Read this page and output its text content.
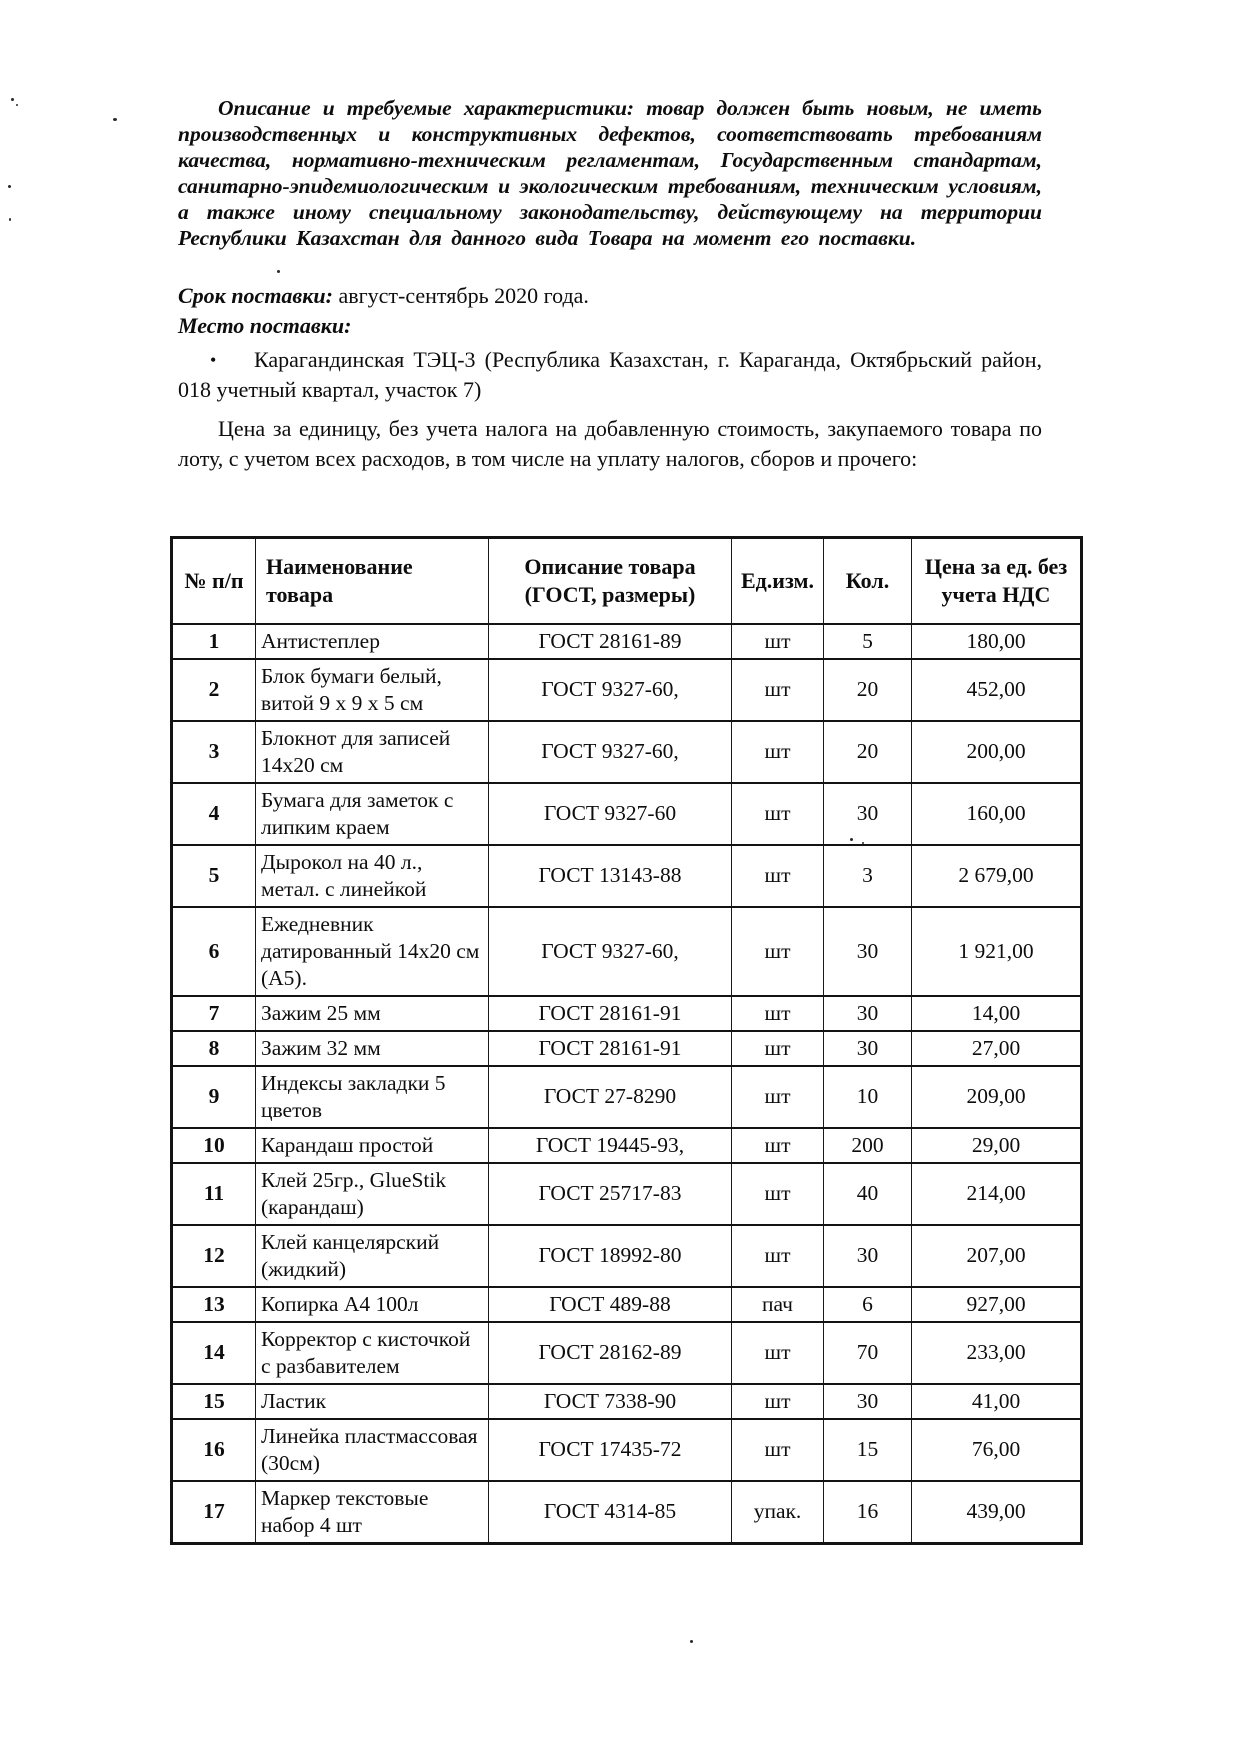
Описание и требуемые характеристики: товар должен быть новым, не иметь производственных и конструктивных дефектов, соответствовать требованиям качества, нормативно-техническим регламентам, Государственным стандартам, санитарно-эпидемиологическим и экологическим требованиям, техническим условиям, а также иному специальному законодательству, действующему на территории Республики Казахстан для данного вида Товара на момент его поставки.

Срок поставки: август-сентябрь 2020 года.

Место поставки:

• Карагандинская ТЭЦ-3 (Республика Казахстан, г. Караганда, Октябрьский район, 018 учетный квартал, участок 7)

Цена за единицу, без учета налога на добавленную стоимость, закупаемого товара по лоту, с учетом всех расходов, в том числе на уплату налогов, сборов и прочего:

№ п/п	Наименование товара	Описание товара (ГОСТ, размеры)	Ед.изм.	Кол.	Цена за ед. без учета НДС
1	Антистеплер	ГОСТ 28161-89	шт	5	180,00
2	Блок бумаги белый, витой 9 х 9 х 5 см	ГОСТ 9327-60,	шт	20	452,00
3	Блокнот для записей 14х20 см	ГОСТ 9327-60,	шт	20	200,00
4	Бумага для заметок с липким краем	ГОСТ 9327-60	шт	30	160,00
5	Дырокол на 40 л., метал. с линейкой	ГОСТ 13143-88	шт	3	2 679,00
6	Ежедневник датированный 14х20 см (А5).	ГОСТ 9327-60,	шт	30	1 921,00
7	Зажим 25 мм	ГОСТ 28161-91	шт	30	14,00
8	Зажим 32 мм	ГОСТ 28161-91	шт	30	27,00
9	Индексы закладки 5 цветов	ГОСТ 27-8290	шт	10	209,00
10	Карандаш простой	ГОСТ 19445-93,	шт	200	29,00
11	Клей 25гр., GlueStik (карандаш)	ГОСТ 25717-83	шт	40	214,00
12	Клей канцелярский (жидкий)	ГОСТ 18992-80	шт	30	207,00
13	Копирка А4 100л	ГОСТ 489-88	пач	6	927,00
14	Корректор с кисточкой с разбавителем	ГОСТ 28162-89	шт	70	233,00
15	Ластик	ГОСТ 7338-90	шт	30	41,00
16	Линейка пластмассовая (30см)	ГОСТ 17435-72	шт	15	76,00
17	Маркер текстовые набор 4 шт	ГОСТ 4314-85	упак.	16	439,00
